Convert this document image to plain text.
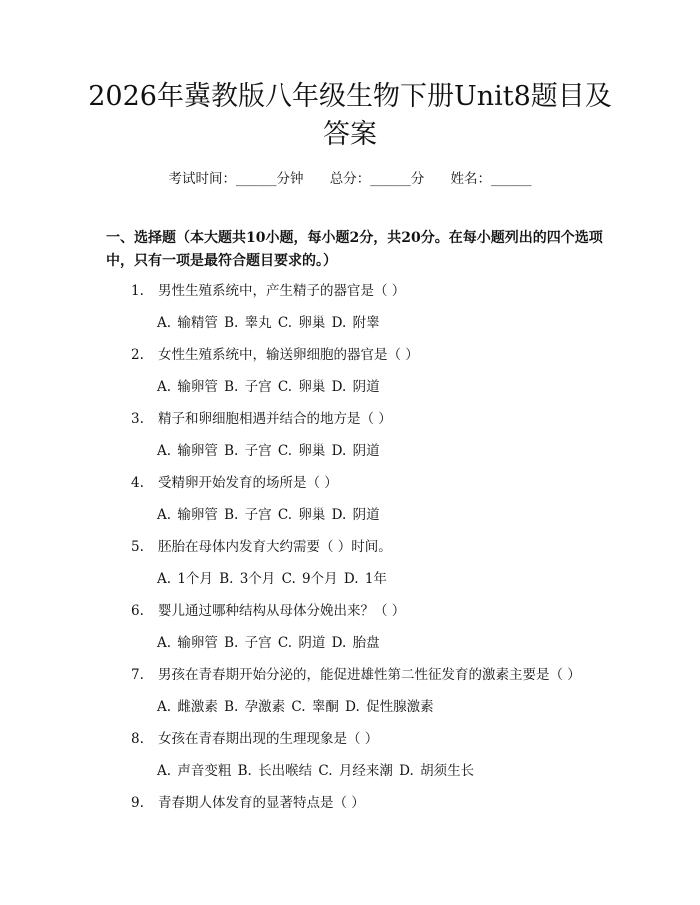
2026年冀教版八年级生物下册Unit8题目及答案
考试时间：______分钟 总分：______分 姓名：______
一、选择题（本大题共10小题，每小题2分，共20分。在每小题列出的四个选项中，只有一项是最符合题目要求的。）
1. 男性生殖系统中，产生精子的器官是（ ）
A. 输精管 B. 睾丸 C. 卵巢 D. 附睾
2. 女性生殖系统中，输送卵细胞的器官是（ ）
A. 输卵管 B. 子宫 C. 卵巢 D. 阴道
3. 精子和卵细胞相遇并结合的地方是（ ）
A. 输卵管 B. 子宫 C. 卵巢 D. 阴道
4. 受精卵开始发育的场所是（ ）
A. 输卵管 B. 子宫 C. 卵巢 D. 阴道
5. 胚胎在母体内发育大约需要（ ）时间。
A. 1个月 B. 3个月 C. 9个月 D. 1年
6. 婴儿通过哪种结构从母体分娩出来？（ ）
A. 输卵管 B. 子宫 C. 阴道 D. 胎盘
7. 男孩在青春期开始分泌的，能促进雄性第二性征发育的激素主要是（ ）
A. 雌激素 B. 孕激素 C. 睾酮 D. 促性腺激素
8. 女孩在青春期出现的生理现象是（ ）
A. 声音变粗 B. 长出喉结 C. 月经来潮 D. 胡须生长
9. 青春期人体发育的显著特点是（ ）
